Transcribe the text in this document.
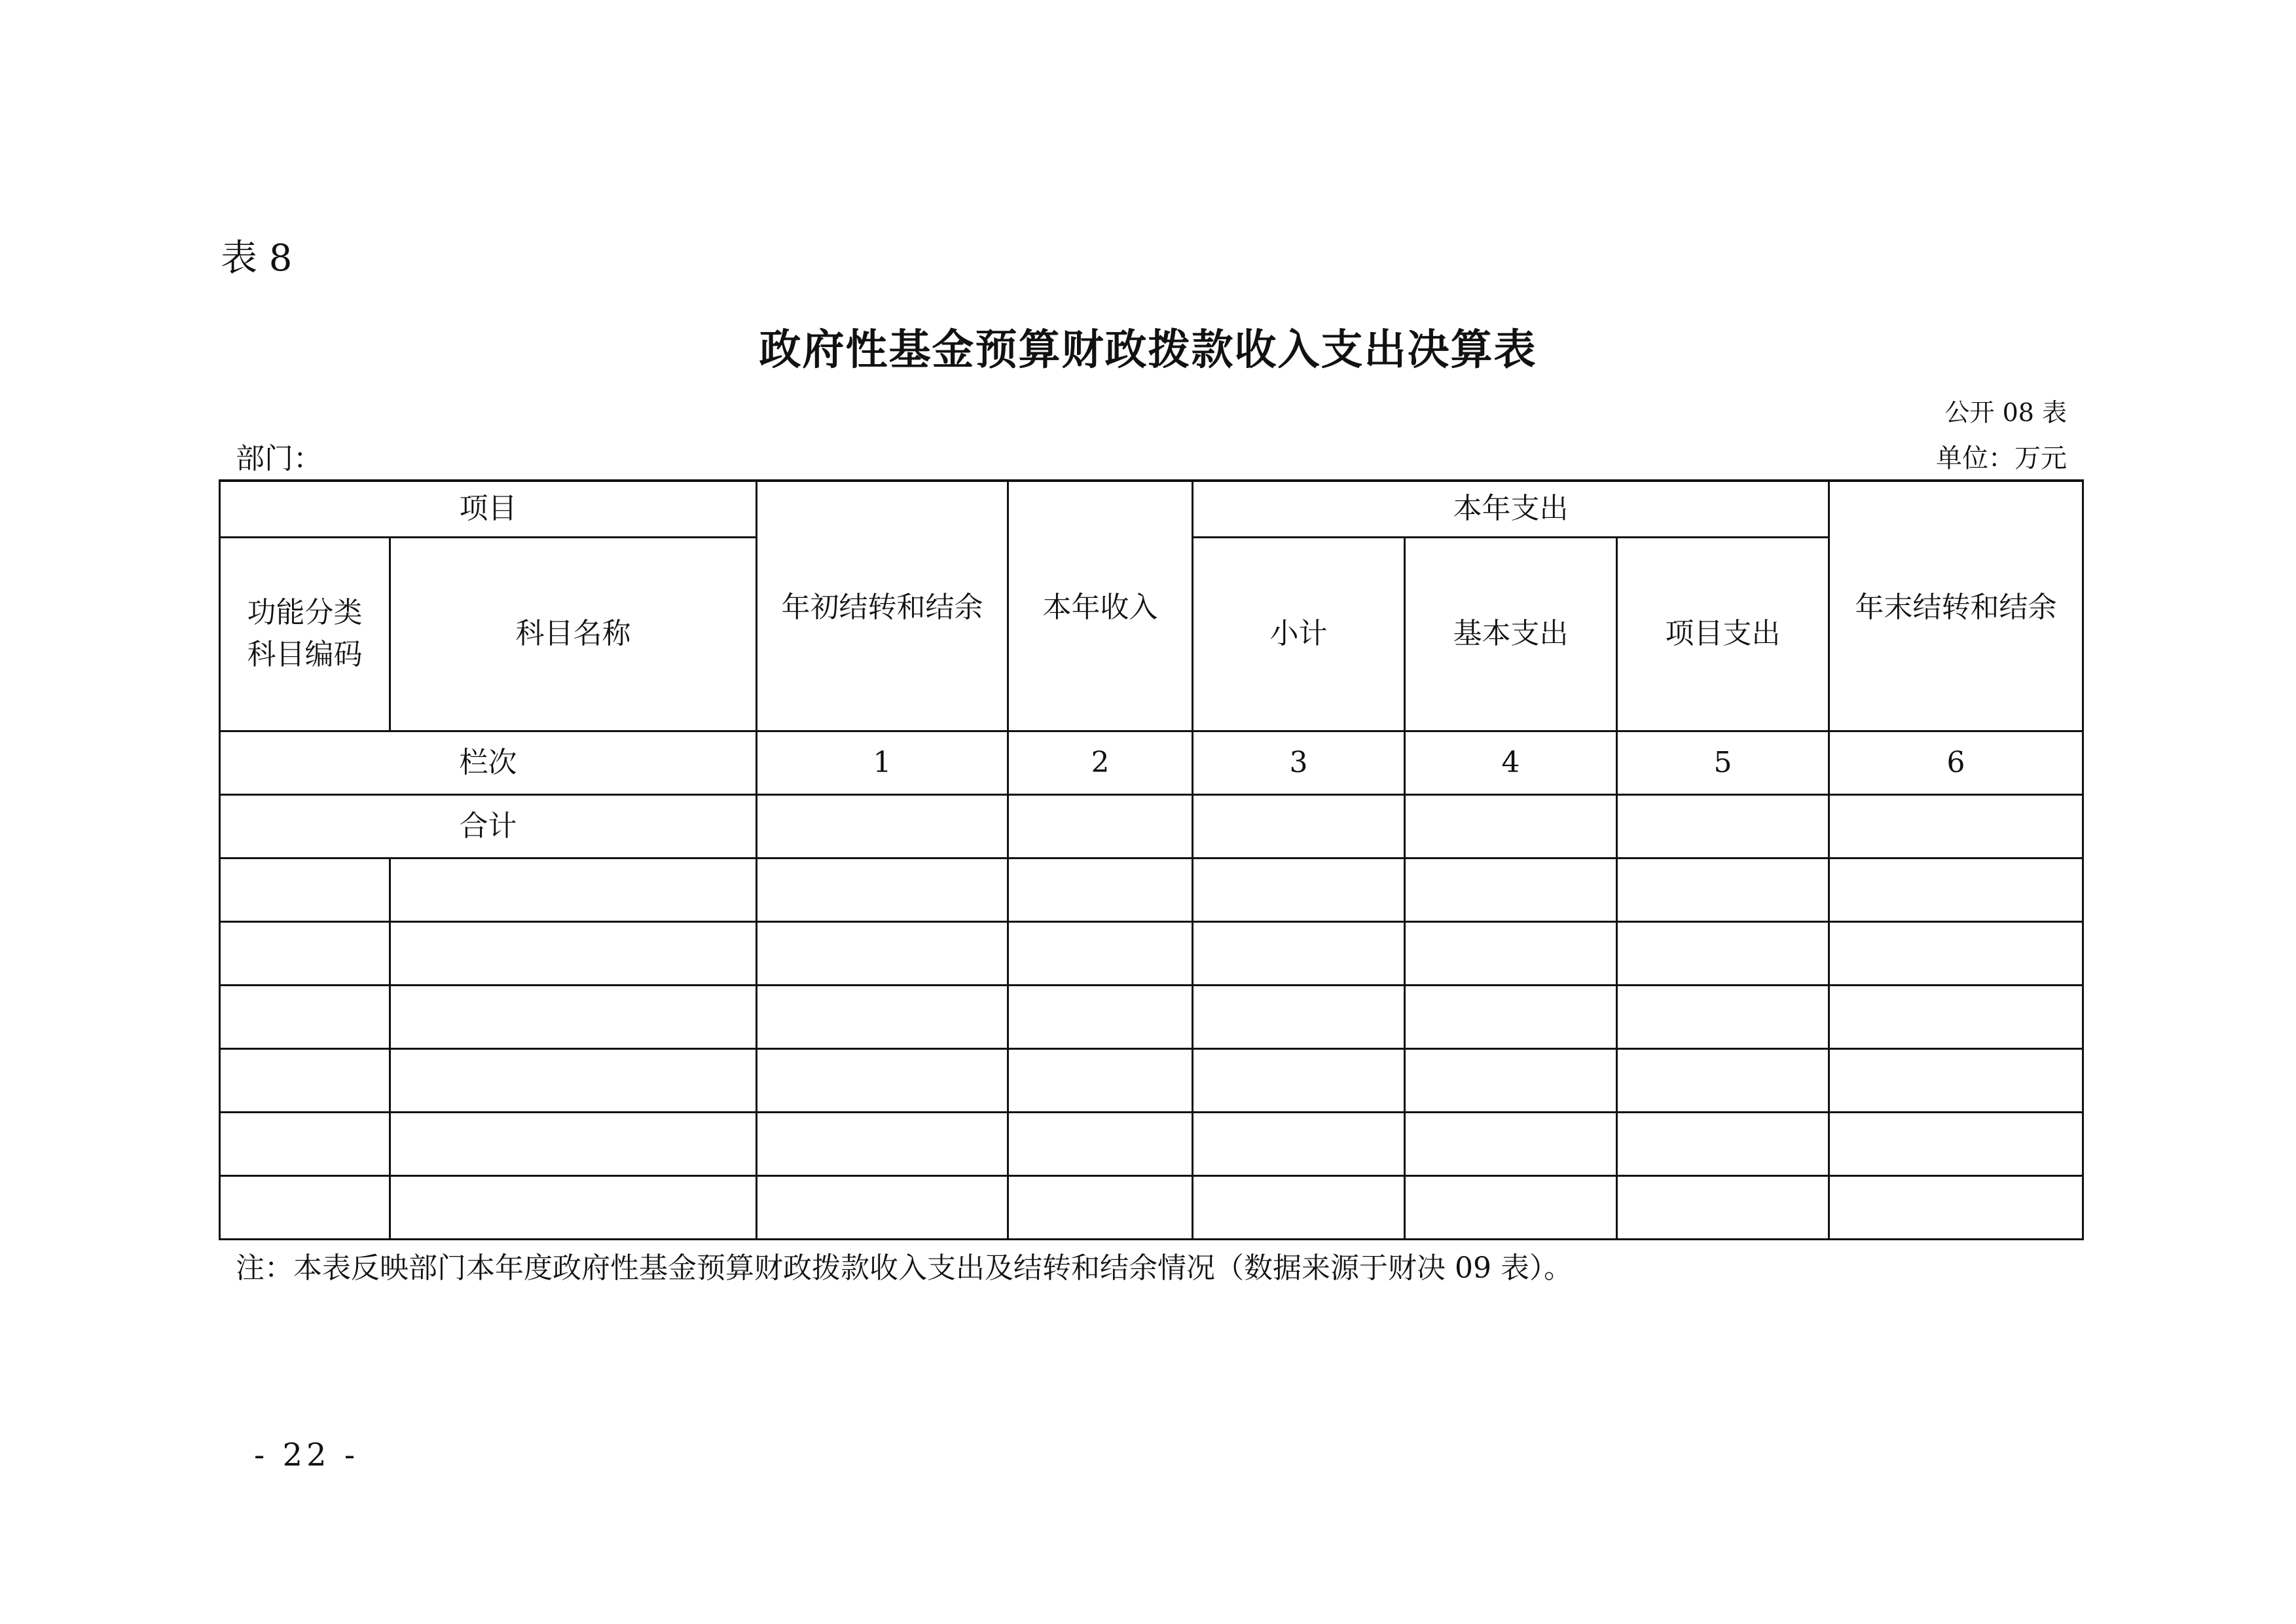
表 8
政府性基金预算财政拨款收入支出决算表
公开 08 表
部门：	单位：万元
项目		年初结转和结余	本年收入	本年支出			年末结转和结余

功能分类
科目编码	科目名称			小计	基本支出	项目支出	
栏次		1	2	3	4	5	6
合计							

注：本表反映部门本年度政府性基金预算财政拨款收入支出及结转和结余情况（数据来源于财决 09 表）。
- 22 -
